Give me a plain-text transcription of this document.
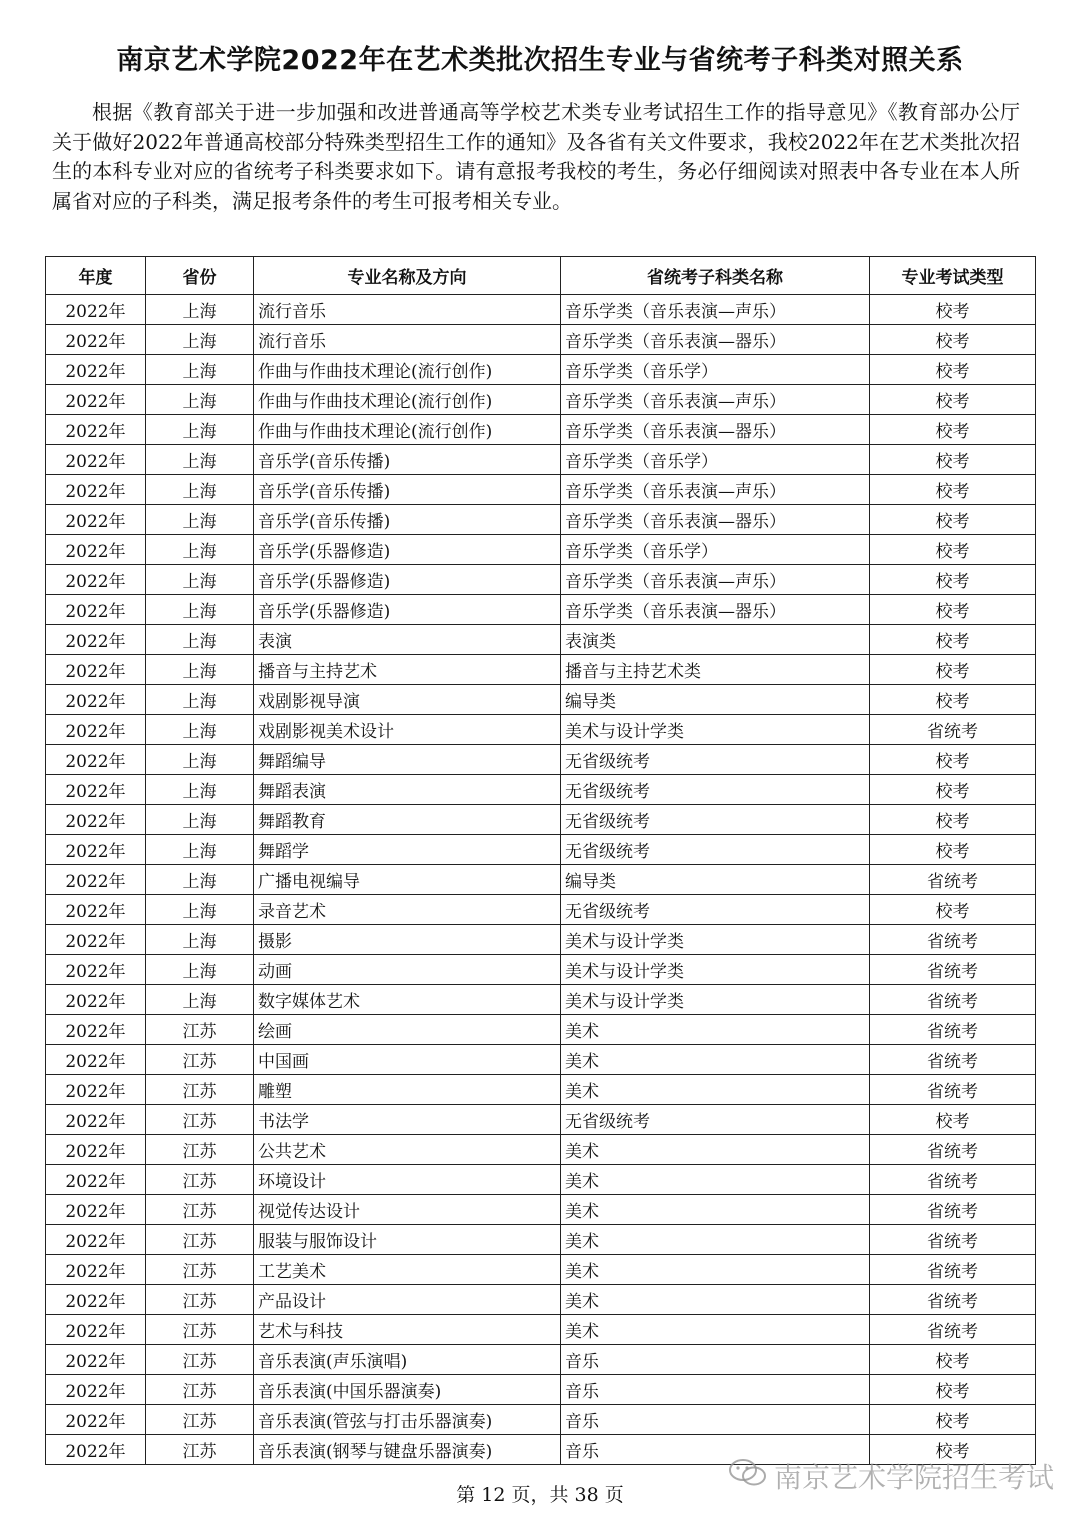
南京艺术学院2022年在艺术类批次招生专业与省统考子科类对照关系
根据《教育部关于进一步加强和改进普通高等学校艺术类专业考试招生工作的指导意见》《教育部办公厅关于做好2022年普通高校部分特殊类型招生工作的通知》及各省有关文件要求，我校2022年在艺术类批次招生的本科专业对应的省统考子科类要求如下。请有意报考我校的考生，务必仔细阅读对照表中各专业在本人所属省对应的子科类，满足报考条件的考生可报考相关专业。
年度	省份	专业名称及方向	省统考子科类名称	专业考试类型
2022年	上海	流行音乐	音乐学类（音乐表演—声乐）	校考
2022年	上海	流行音乐	音乐学类（音乐表演—器乐）	校考
2022年	上海	作曲与作曲技术理论(流行创作)	音乐学类（音乐学）	校考
2022年	上海	作曲与作曲技术理论(流行创作)	音乐学类（音乐表演—声乐）	校考
2022年	上海	作曲与作曲技术理论(流行创作)	音乐学类（音乐表演—器乐）	校考
2022年	上海	音乐学(音乐传播)	音乐学类（音乐学）	校考
2022年	上海	音乐学(音乐传播)	音乐学类（音乐表演—声乐）	校考
2022年	上海	音乐学(音乐传播)	音乐学类（音乐表演—器乐）	校考
2022年	上海	音乐学(乐器修造)	音乐学类（音乐学）	校考
2022年	上海	音乐学(乐器修造)	音乐学类（音乐表演—声乐）	校考
2022年	上海	音乐学(乐器修造)	音乐学类（音乐表演—器乐）	校考
2022年	上海	表演	表演类	校考
2022年	上海	播音与主持艺术	播音与主持艺术类	校考
2022年	上海	戏剧影视导演	编导类	校考
2022年	上海	戏剧影视美术设计	美术与设计学类	省统考
2022年	上海	舞蹈编导	无省级统考	校考
2022年	上海	舞蹈表演	无省级统考	校考
2022年	上海	舞蹈教育	无省级统考	校考
2022年	上海	舞蹈学	无省级统考	校考
2022年	上海	广播电视编导	编导类	省统考
2022年	上海	录音艺术	无省级统考	校考
2022年	上海	摄影	美术与设计学类	省统考
2022年	上海	动画	美术与设计学类	省统考
2022年	上海	数字媒体艺术	美术与设计学类	省统考
2022年	江苏	绘画	美术	省统考
2022年	江苏	中国画	美术	省统考
2022年	江苏	雕塑	美术	省统考
2022年	江苏	书法学	无省级统考	校考
2022年	江苏	公共艺术	美术	省统考
2022年	江苏	环境设计	美术	省统考
2022年	江苏	视觉传达设计	美术	省统考
2022年	江苏	服装与服饰设计	美术	省统考
2022年	江苏	工艺美术	美术	省统考
2022年	江苏	产品设计	美术	省统考
2022年	江苏	艺术与科技	美术	省统考
2022年	江苏	音乐表演(声乐演唱)	音乐	校考
2022年	江苏	音乐表演(中国乐器演奏)	音乐	校考
2022年	江苏	音乐表演(管弦与打击乐器演奏)	音乐	校考
2022年	江苏	音乐表演(钢琴与键盘乐器演奏)	音乐	校考
第 12 页，共 38 页
南京艺术学院招生考试
